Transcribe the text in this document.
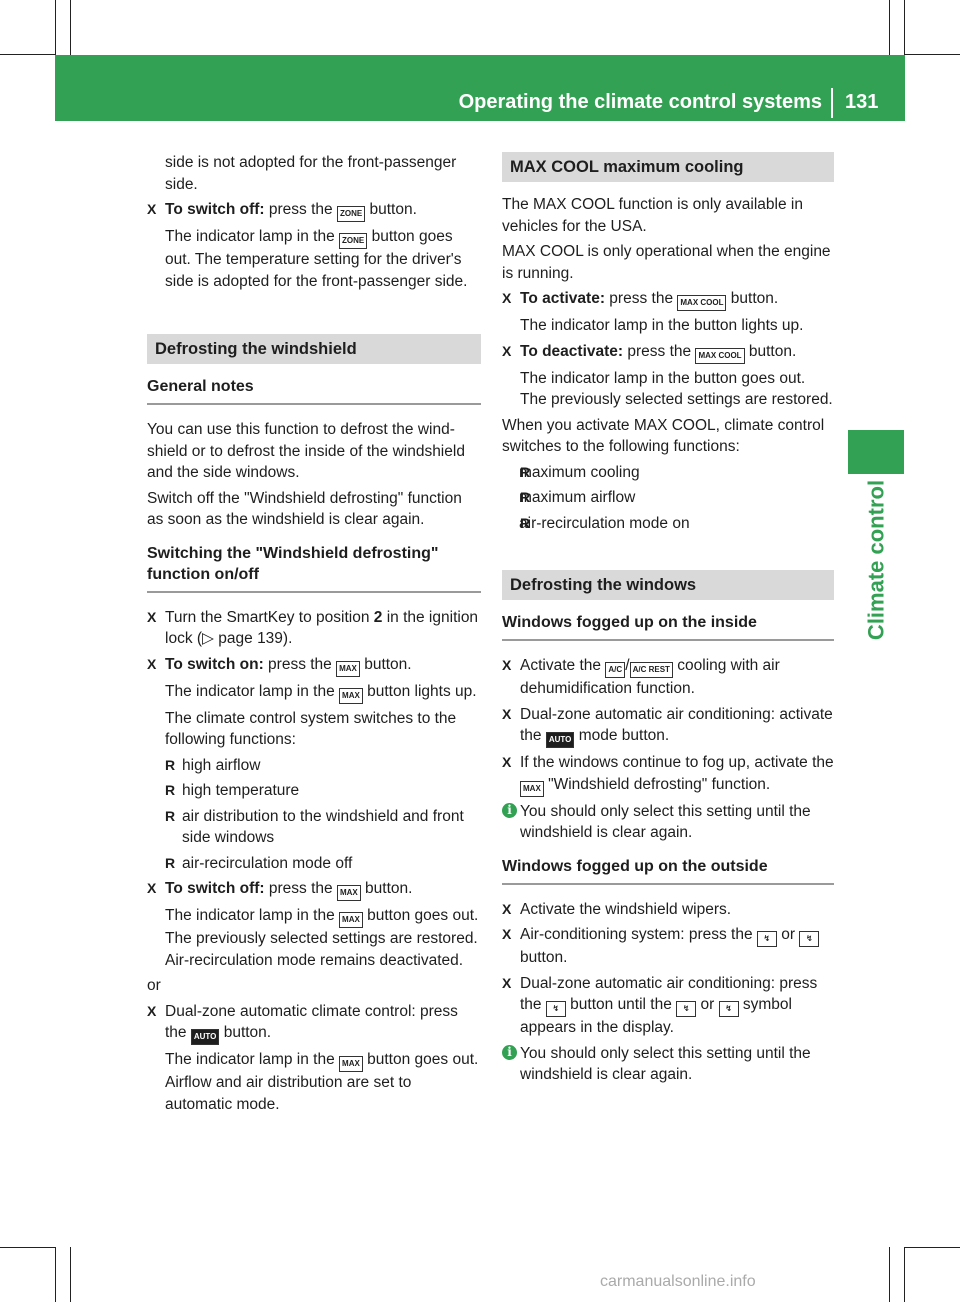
Operating the climate control systems 131
Climate control

side is not adopted for the front-passenger side.

X To switch off: press the ZONE button.
The indicator lamp in the ZONE button goes out. The temperature setting for the driver's side is adopted for the front-passenger side.
Defrosting the windshield
General notes

You can use this function to defrost the windshield or to defrost the inside of the windshield and the side windows.

Switch off the "Windshield defrosting" function as soon as the windshield is clear again.

Switching the "Windshield defrosting" function on/off
X Turn the SmartKey to position 2 in the ignition lock (▷ page 139).
X To switch on: press the MAX button.
The indicator lamp in the MAX button lights up.

The climate control system switches to the following functions:

R high airflow
R high temperature
R air distribution to the windshield and front side windows
R air-recirculation mode off
X To switch off: press the MAX button.
The indicator lamp in the MAX button goes out. The previously selected settings are restored. Air-recirculation mode remains deactivated.

or

X Dual-zone automatic climate control: press the AUTO button.
The indicator lamp in the MAX button goes out. Airflow and air distribution are set to automatic mode.
MAX COOL maximum cooling

The MAX COOL function is only available in vehicles for the USA.

MAX COOL is only operational when the engine is running.

X To activate: press the MAX COOL button.

The indicator lamp in the button lights up.

X To deactivate: press the MAX COOL button.

The indicator lamp in the button goes out. The previously selected settings are restored.

When you activate MAX COOL, climate control switches to the following functions:

R maximum cooling
R maximum airflow
R air-recirculation mode on
Defrosting the windows
Windows fogged up on the inside
X Activate the A/C / A/C REST cooling with air dehumidification function.
X Dual-zone automatic air conditioning: activate the AUTO mode button.
X If the windows continue to fog up, activate the MAX "Windshield defrosting" function.
i You should only select this setting until the windshield is clear again.
Windows fogged up on the outside
X Activate the windshield wipers.
X Air-conditioning system: press the ↯ or ↯ button.
X Dual-zone automatic air conditioning: press the ↯ button until the ↯ or ↯ symbol appears in the display.
i You should only select this setting until the windshield is clear again.
carmanualsonline.info
